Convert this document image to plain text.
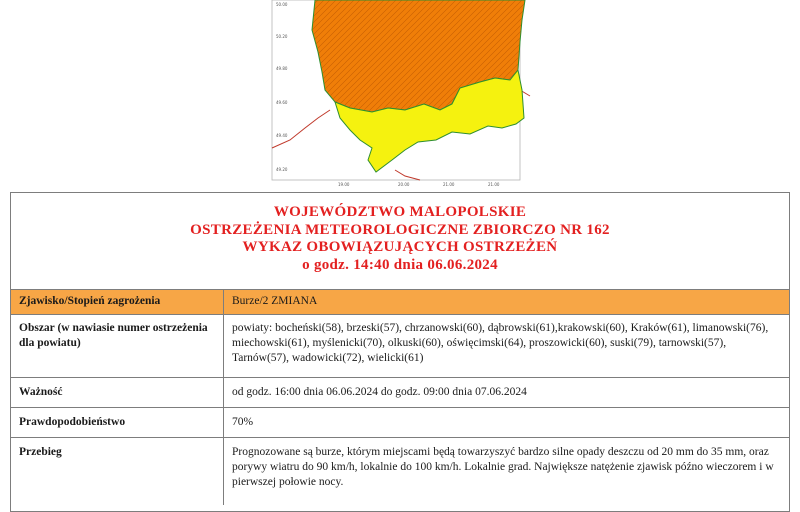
50.00
50.20
49.80
49.60
49.40
49.20
19.00	20.00	21.00	21.00
WOJEWÓDZTWO MALOPOLSKIE
OSTRZEŻENIA METEOROLOGICZNE ZBIORCZO NR 162
WYKAZ OBOWIĄZUJĄCYCH OSTRZEŻEŃ
o godz. 14:40 dnia 06.06.2024
Zjawisko/Stopień zagrożenia	Burze/2 ZMIANA
Obszar (w nawiasie numer ostrzeżenia dla powiatu)	powiaty: bocheński(58), brzeski(57), chrzanowski(60), dąbrowski(61),krakowski(60), Kraków(61), limanowski(76), miechowski(61), myślenicki(70), olkuski(60), oświęcimski(64), proszowicki(60), suski(79), tarnowski(57), Tarnów(57), wadowicki(72), wielicki(61)
Ważność	od godz. 16:00 dnia 06.06.2024 do godz. 09:00 dnia 07.06.2024
Prawdopodobieństwo	70%
Przebieg	Prognozowane są burze, którym miejscami będą towarzyszyć bardzo silne opady deszczu od 20 mm do 35 mm, oraz porywy wiatru do 90 km/h, lokalnie do 100 km/h. Lokalnie grad. Największe natężenie zjawisk późno wieczorem i w pierwszej połowie nocy.
